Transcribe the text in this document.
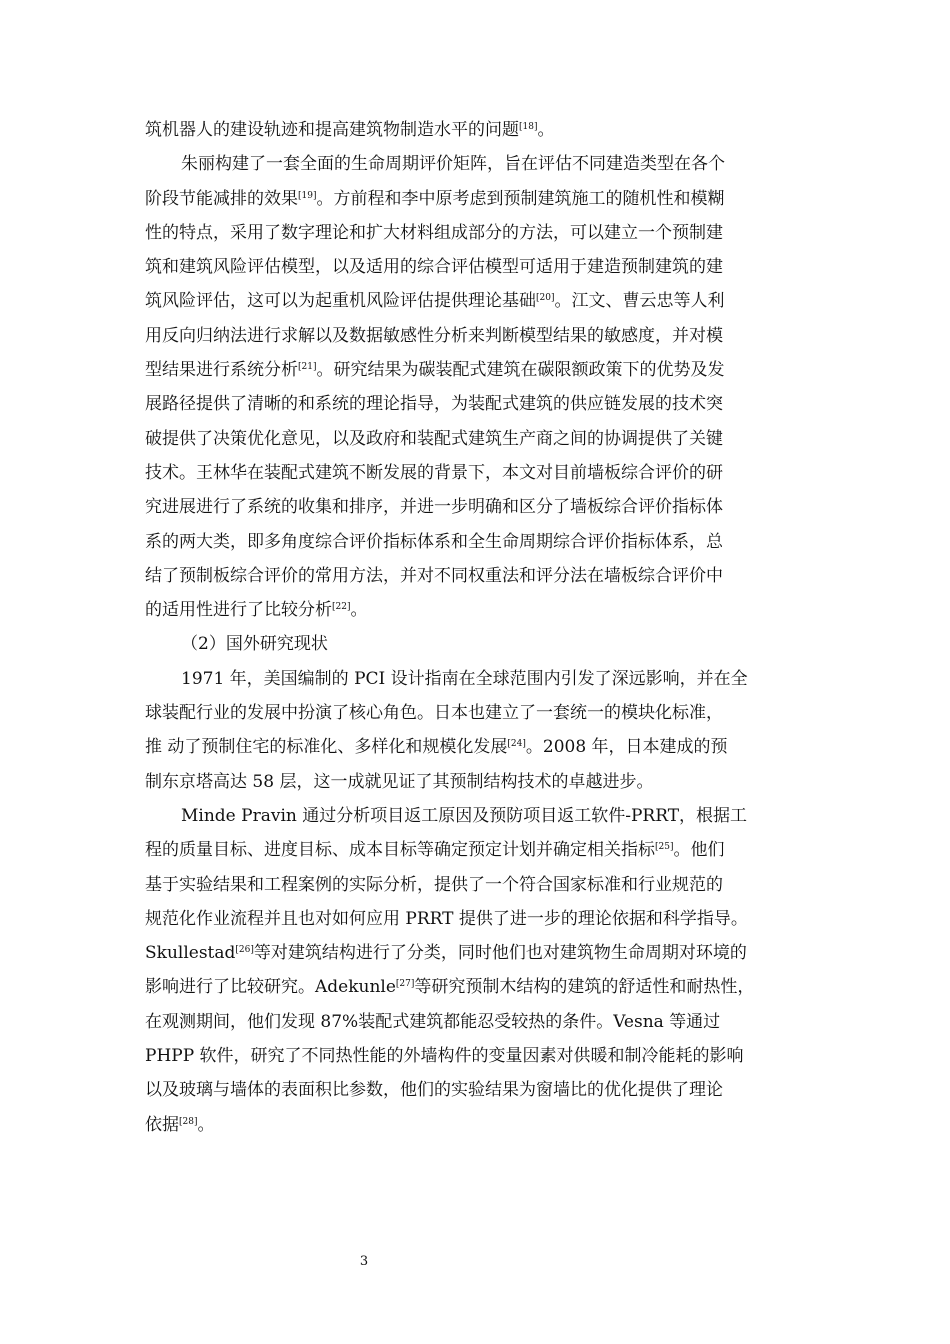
筑机器人的建设轨迹和提高建筑物制造水平的问题[18]。
朱丽构建了一套全面的生命周期评价矩阵，旨在评估不同建造类型在各个
阶段节能减排的效果[19]。方前程和李中原考虑到预制建筑施工的随机性和模糊
性的特点，采用了数字理论和扩大材料组成部分的方法，可以建立一个预制建
筑和建筑风险评估模型，以及适用的综合评估模型可适用于建造预制建筑的建
筑风险评估，这可以为起重机风险评估提供理论基础[20]。江文、曹云忠等人利
用反向归纳法进行求解以及数据敏感性分析来判断模型结果的敏感度，并对模
型结果进行系统分析[21]。研究结果为碳装配式建筑在碳限额政策下的优势及发
展路径提供了清晰的和系统的理论指导，为装配式建筑的供应链发展的技术突
破提供了决策优化意见，以及政府和装配式建筑生产商之间的协调提供了关键
技术。王林华在装配式建筑不断发展的背景下，本文对目前墙板综合评价的研
究进展进行了系统的收集和排序，并进一步明确和区分了墙板综合评价指标体
系的两大类，即多角度综合评价指标体系和全生命周期综合评价指标体系，总
结了预制板综合评价的常用方法，并对不同权重法和评分法在墙板综合评价中
的适用性进行了比较分析[22]。
（2）国外研究现状
1971 年，美国编制的 PCI 设计指南在全球范围内引发了深远影响，并在全
球装配行业的发展中扮演了核心角色。日本也建立了一套统一的模块化标准，
推 动了预制住宅的标准化、多样化和规模化发展[24]。2008 年，日本建成的预
制东京塔高达 58 层，这一成就见证了其预制结构技术的卓越进步。
Minde Pravin 通过分析项目返工原因及预防项目返工软件-PRRT，根据工
程的质量目标、进度目标、成本目标等确定预定计划并确定相关指标[25]。他们
基于实验结果和工程案例的实际分析，提供了一个符合国家标准和行业规范的
规范化作业流程并且也对如何应用 PRRT 提供了进一步的理论依据和科学指导。
Skullestad[26]等对建筑结构进行了分类，同时他们也对建筑物生命周期对环境的
影响进行了比较研究。Adekunle[27]等研究预制木结构的建筑的舒适性和耐热性，
在观测期间，他们发现 87%装配式建筑都能忍受较热的条件。Vesna 等通过
PHPP 软件，研究了不同热性能的外墙构件的变量因素对供暖和制冷能耗的影响
以及玻璃与墙体的表面积比参数，他们的实验结果为窗墙比的优化提供了理论
依据[28]。
3
